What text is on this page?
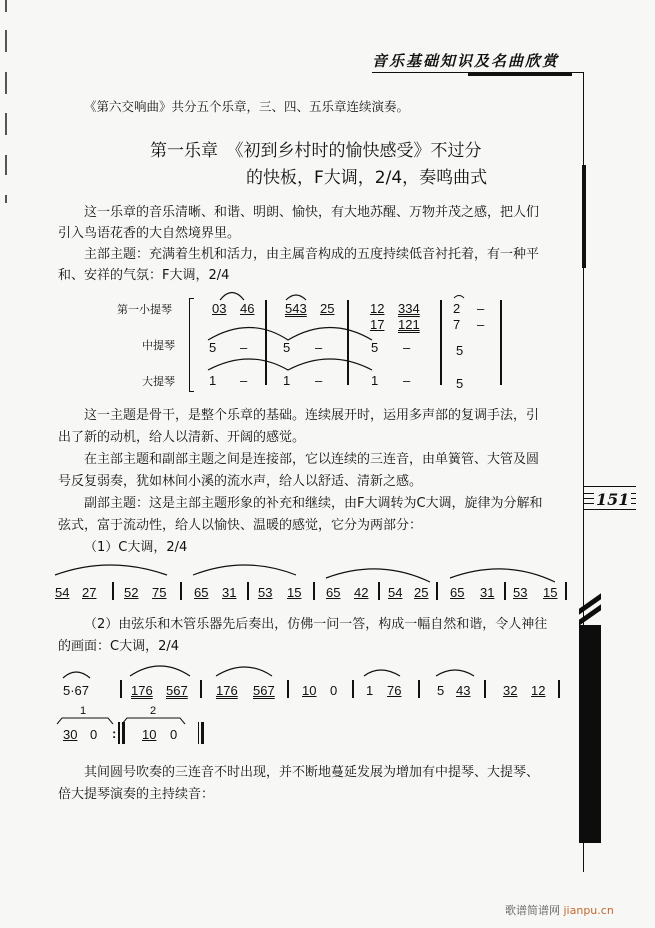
音乐基础知识及名曲欣赏
151
《第六交响曲》共分五个乐章，三、四、五乐章连续演奏。
第一乐章　《初到乡村时的愉快感受》不过分
的快板，F大调，2/4，奏鸣曲式
这一乐章的音乐清晰、和谐、明朗、愉快，有大地苏醒、万物并茂之感，把人们
引入鸟语花香的大自然境界里。
主部主题：充满着生机和活力，由主属音构成的五度持续低音衬托着，有一种平
和、安祥的气氛：F大调，2/4
第一小提琴
中提琴
大提琴
03 46 543 25	12 334	2 –
17 121	7 –
5 –	5 –	5 –	5
1 –	1 –	1 –	5
这一主题是骨干，是整个乐章的基础。连续展开时，运用多声部的复调手法，引
出了新的动机，给人以清新、开阔的感觉。
在主部主题和副部主题之间是连接部，它以连续的三连音，由单簧管、大管及圆
号反复弱奏，犹如林间小溪的流水声，给人以舒适、清新之感。
副部主题：这是主部主题形象的补充和继续，由F大调转为C大调，旋律为分解和
弦式，富于流动性，给人以愉快、温暖的感觉，它分为两部分：
（1）C大调，2/4
54 27 52 75 65 31 53 15 65 42 54 25 65 31 53 15
（2）由弦乐和木管乐器先后奏出，仿佛一问一答，构成一幅自然和谐，令人神往
的画面：C大调，2/4
5·67	176 567 176 567 10 0 1 76	5 43	32 12
1	2
30 0 : 10 0
其间圆号吹奏的三连音不时出现，并不断地蔓延发展为增加有中提琴、大提琴、
倍大提琴演奏的主持续音：
歌谱简谱网 jianpu.cn
